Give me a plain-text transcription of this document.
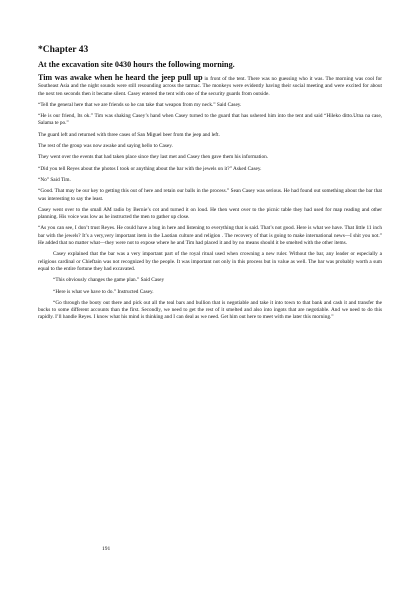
*Chapter 43
At the excavation site 0430 hours the following morning.

Tim was awake when he heard the jeep pull up in front of the tent. There was no guessing who it was. The morning was cool for Southeast Asia and the night sounds were still resounding across the tarmac. The monkeys were evidently having their social meeting and were excited for about the next ten seconds then it became silent. Casey entered the tent with one of the security guards from outside.

“Tell the general here that we are friends so he can take that weapon from my neck.” Said Casey.

“He is our friend, Its ok.” Tim was shaking Casey’s hand when Casey turned to the guard that has ushered him into the tent and said “Hileko ditto.Utna na case, Salama te po.”

The guard left and returned with three cases of San Miguel beer from the jeep and left.

The rest of the group was now awake and saying hello to Casey.

They went over the events that had taken place since they last met and Casey then gave them his information.

“Did you tell Reyes about the photos I took or anything about the bar with the jewels on it?” Asked Casey.

“No” Said Tim.

“Good. That may be our key to getting this out of here and retain our balls in the process.” Sean Casey was serious. He had found out something about the bar that was interesting to say the least.

Casey went over to the small AM radio by Bernie’s cot and turned it on loud. He then went over to the picnic table they had used for map reading and other planning. His voice was low as he instructed the men to gather up close.

“As you can see, I don’t trust Reyes. He could have a bug in here and listening to everything that is said. That’s not good. Here is what we have. That little 11 inch bar with the jewels? It’s a very,very important item in the Laotian culture and religion . The recovery of that is going to make international news—I shit you not.” He added that no matter what—they were not to expose where he and Tim had placed it and by no means should it be smelted with the other items.

Casey explained that the bar was a very important part of the royal ritual used when crowning a new ruler. Without the bar, any leader or especially a religious cardinal or Chieftain was not recognized by the people. It was important not only in this process but in value as well. The bar was probably worth a sum equal to the entire fortune they had excavated.

“This obviously changes the game plan.” Said Casey

“Here is what we have to do.” Instructed Casey.

“Go through the booty out there and pick out all the teal bars and bullion that is negotiable and take it into town to that bank and cash it and transfer the bucks to some different accounts than the first. Secondly, we need to get the rest of it smelted and also into ingots that are negotiable. And we need to do this rapidly. I’ll handle Reyes. I know what his mind is thinking and I can deal as we need. Get him out here to meet with me later this morning.”

191
